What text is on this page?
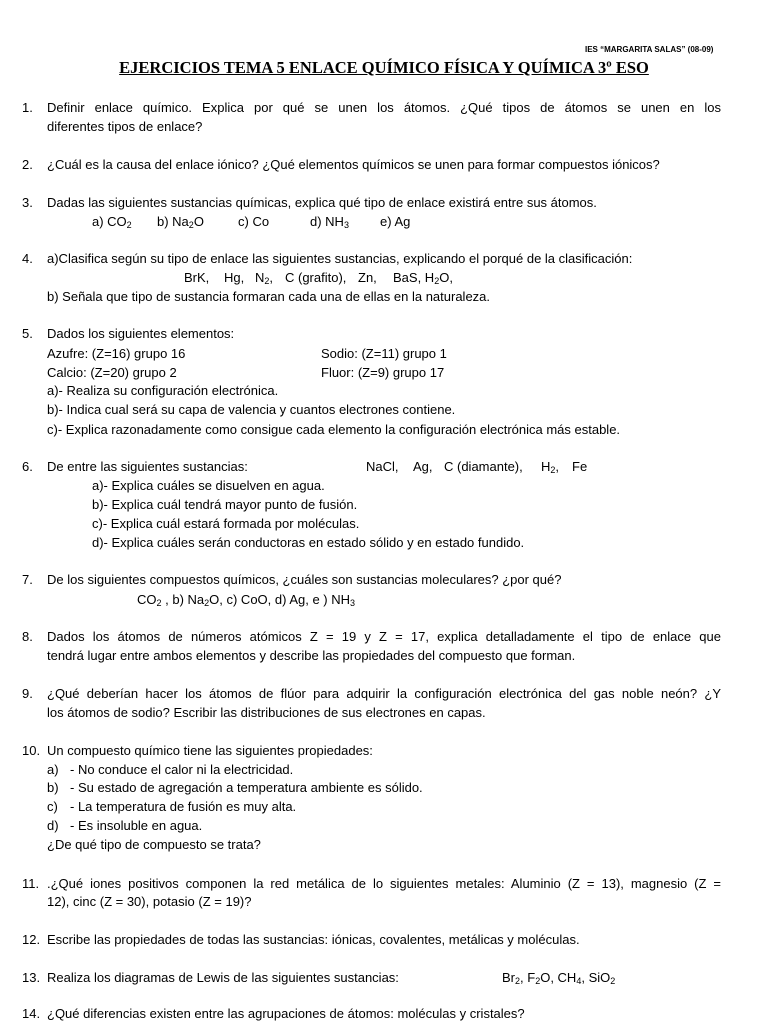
IES “MARGARITA SALAS” (08-09)
EJERCICIOS TEMA 5 ENLACE QUÍMICO FÍSICA Y QUÍMICA 3º ESO
1. Definir enlace químico. Explica por qué se unen los átomos. ¿Qué tipos de átomos se unen en los
diferentes tipos de enlace?
2. ¿Cuál es la causa del enlace iónico? ¿Qué elementos químicos se unen para formar compuestos iónicos?
3. Dadas las siguientes sustancias químicas, explica qué tipo de enlace existirá entre sus átomos.
a) $CO_2$ b) $Na_2O$	c) Co	d) $NH_3$ e) Ag
4. a)Clasifica según su tipo de enlace las siguientes sustancias, explicando el porqué de la clasificación:
BrK, Hg, $N_2$, C (grafito), Zn, BaS, $H_2O$,
b) Señala que tipo de sustancia formaran cada una de ellas en la naturaleza.
5. Dados los siguientes elementos:
Azufre: (Z=16) grupo 16	Sodio: (Z=11) grupo 1
Calcio: (Z=20) grupo 2	Fluor: (Z=9) grupo 17
a)- Realiza su configuración electrónica.
b)- Indica cual será su capa de valencia y cuantos electrones contiene.
c)- Explica razonadamente como consigue cada elemento la configuración electrónica más estable.
6. De entre las siguientes sustancias:	NaCl, Ag, C (diamante), $H_2$, Fe
a)- Explica cuáles se disuelven en agua.
b)- Explica cuál tendrá mayor punto de fusión.
c)- Explica cuál estará formada por moléculas.
d)- Explica cuáles serán conductoras en estado sólido y en estado fundido.
7. De los siguientes compuestos químicos, ¿cuáles son sustancias moleculares? ¿por qué?
$CO_2$ , b) $Na_2O$, c) CoO, d) Ag, e ) $NH_3$
8. Dados los átomos de números atómicos Z = 19 y Z = 17, explica detalladamente el tipo de enlace que
tendrá lugar entre ambos elementos y describe las propiedades del compuesto que forman.
9. ¿Qué deberían hacer los átomos de flúor para adquirir la configuración electrónica del gas noble neón? ¿Y
los átomos de sodio? Escribir las distribuciones de sus electrones en capas.
10. Un compuesto químico tiene las siguientes propiedades:
a) - No conduce el calor ni la electricidad.
b) - Su estado de agregación a temperatura ambiente es sólido.
c) - La temperatura de fusión es muy alta.
d) - Es insoluble en agua.
¿De qué tipo de compuesto se trata?
11. .¿Qué iones positivos componen la red metálica de lo siguientes metales: Aluminio (Z = 13), magnesio (Z =
12), cinc (Z = 30), potasio (Z = 19)?
12. Escribe las propiedades de todas las sustancias: iónicas, covalentes, metálicas y moléculas.
13. Realiza los diagramas de Lewis de las siguientes sustancias:	$Br_2$, $F_2O$, $CH_4$, SiO$_2$
14. ¿Qué diferencias existen entre las agrupaciones de átomos: moléculas y cristales?
